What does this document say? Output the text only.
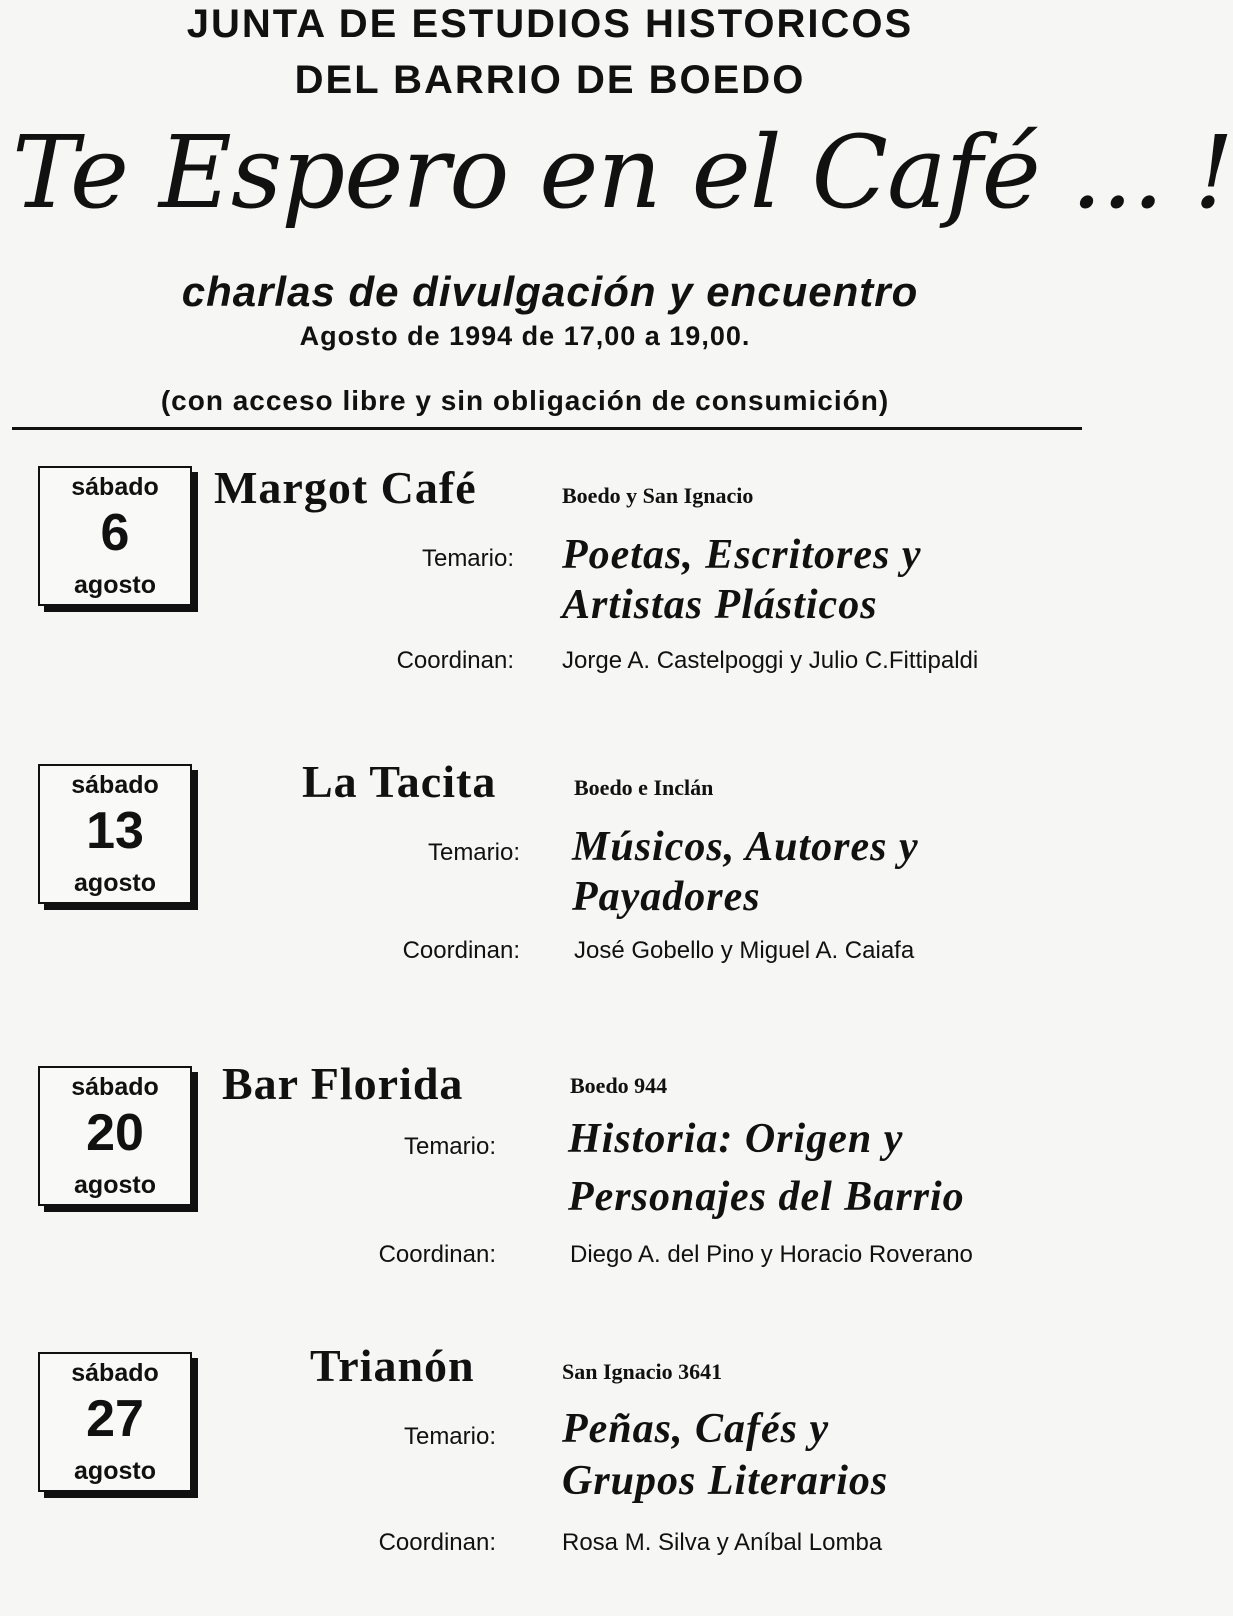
JUNTA DE ESTUDIOS HISTORICOS
DEL BARRIO DE BOEDO
Te Espero en el Café ... !
charlas de divulgación y encuentro
Agosto de 1994 de 17,00 a 19,00.
(con acceso libre y sin obligación de consumición)
sábado
6
agosto
Margot Café	Boedo y San Ignacio
Temario: Poetas, Escritores y
Artistas Plásticos
Coordinan: Jorge A. Castelpoggi y Julio C.Fittipaldi
sábado
13
agosto
La Tacita	Boedo e Inclán
Temario: Músicos, Autores y
Payadores
Coordinan: José Gobello y Miguel A. Caiafa
sábado
20
agosto
Bar Florida	Boedo 944
Temario: Historia: Origen y
Personajes del Barrio
Coordinan:	Diego A. del Pino y Horacio Roverano
sábado
27
agosto
Trianón	San Ignacio 3641
Temario: Peñas, Cafés y
Grupos Literarios
Coordinan:	Rosa M. Silva y Aníbal Lomba
